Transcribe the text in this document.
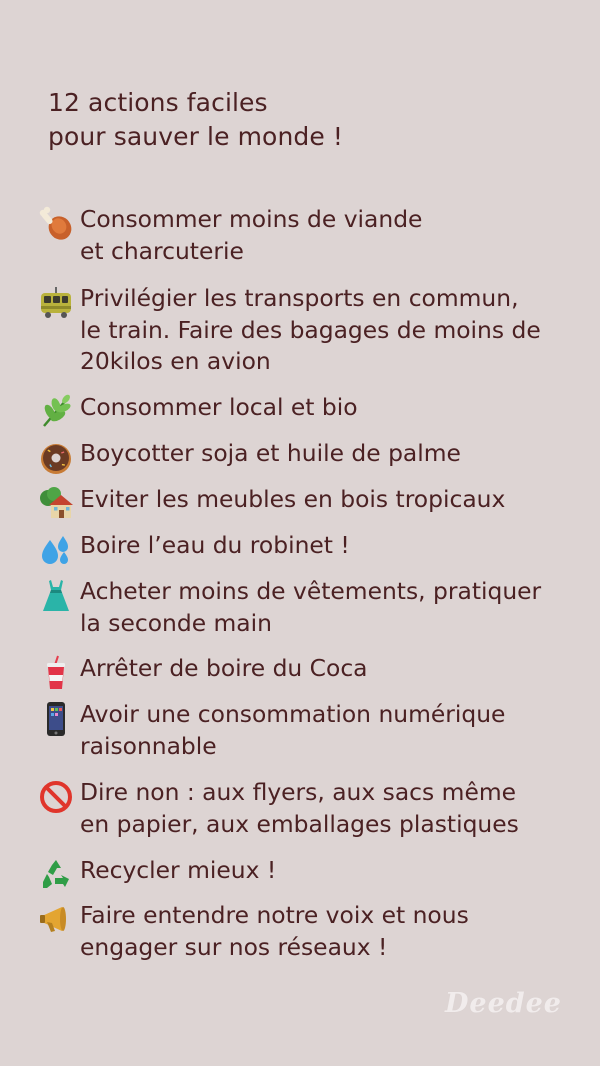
12 actions faciles
pour sauver le monde !
Consommer moins de viande
et charcuterie
Privilégier les transports en commun,
le train. Faire des bagages de moins de
20kilos en avion
Consommer local et bio
Boycotter soja et huile de palme
Eviter les meubles en bois tropicaux
Boire l’eau du robinet !
Acheter moins de vêtements, pratiquer
la seconde main
Arrêter de boire du Coca
Avoir une consommation numérique
raisonnable
Dire non : aux flyers, aux sacs même
en papier, aux emballages plastiques
Recycler mieux !
Faire entendre notre voix et nous
engager sur nos réseaux !
Deedee
